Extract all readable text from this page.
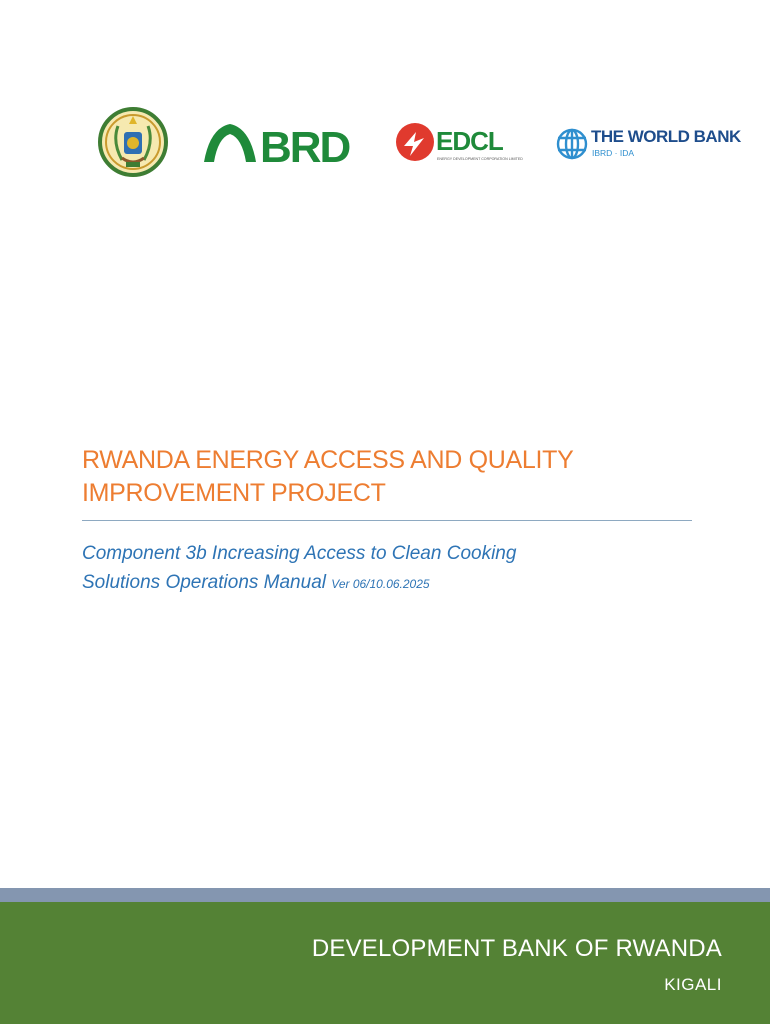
BRD	EDCL
ENERGY DEVELOPMENT CORPORATION LIMITED
THE WORLD BANK
IBRD · IDA
RWANDA ENERGY ACCESS AND QUALITY
IMPROVEMENT PROJECT
Component 3b Increasing Access to Clean Cooking
Solutions Operations Manual Ver 06/10.06.2025
DEVELOPMENT BANK OF RWANDA
KIGALI
